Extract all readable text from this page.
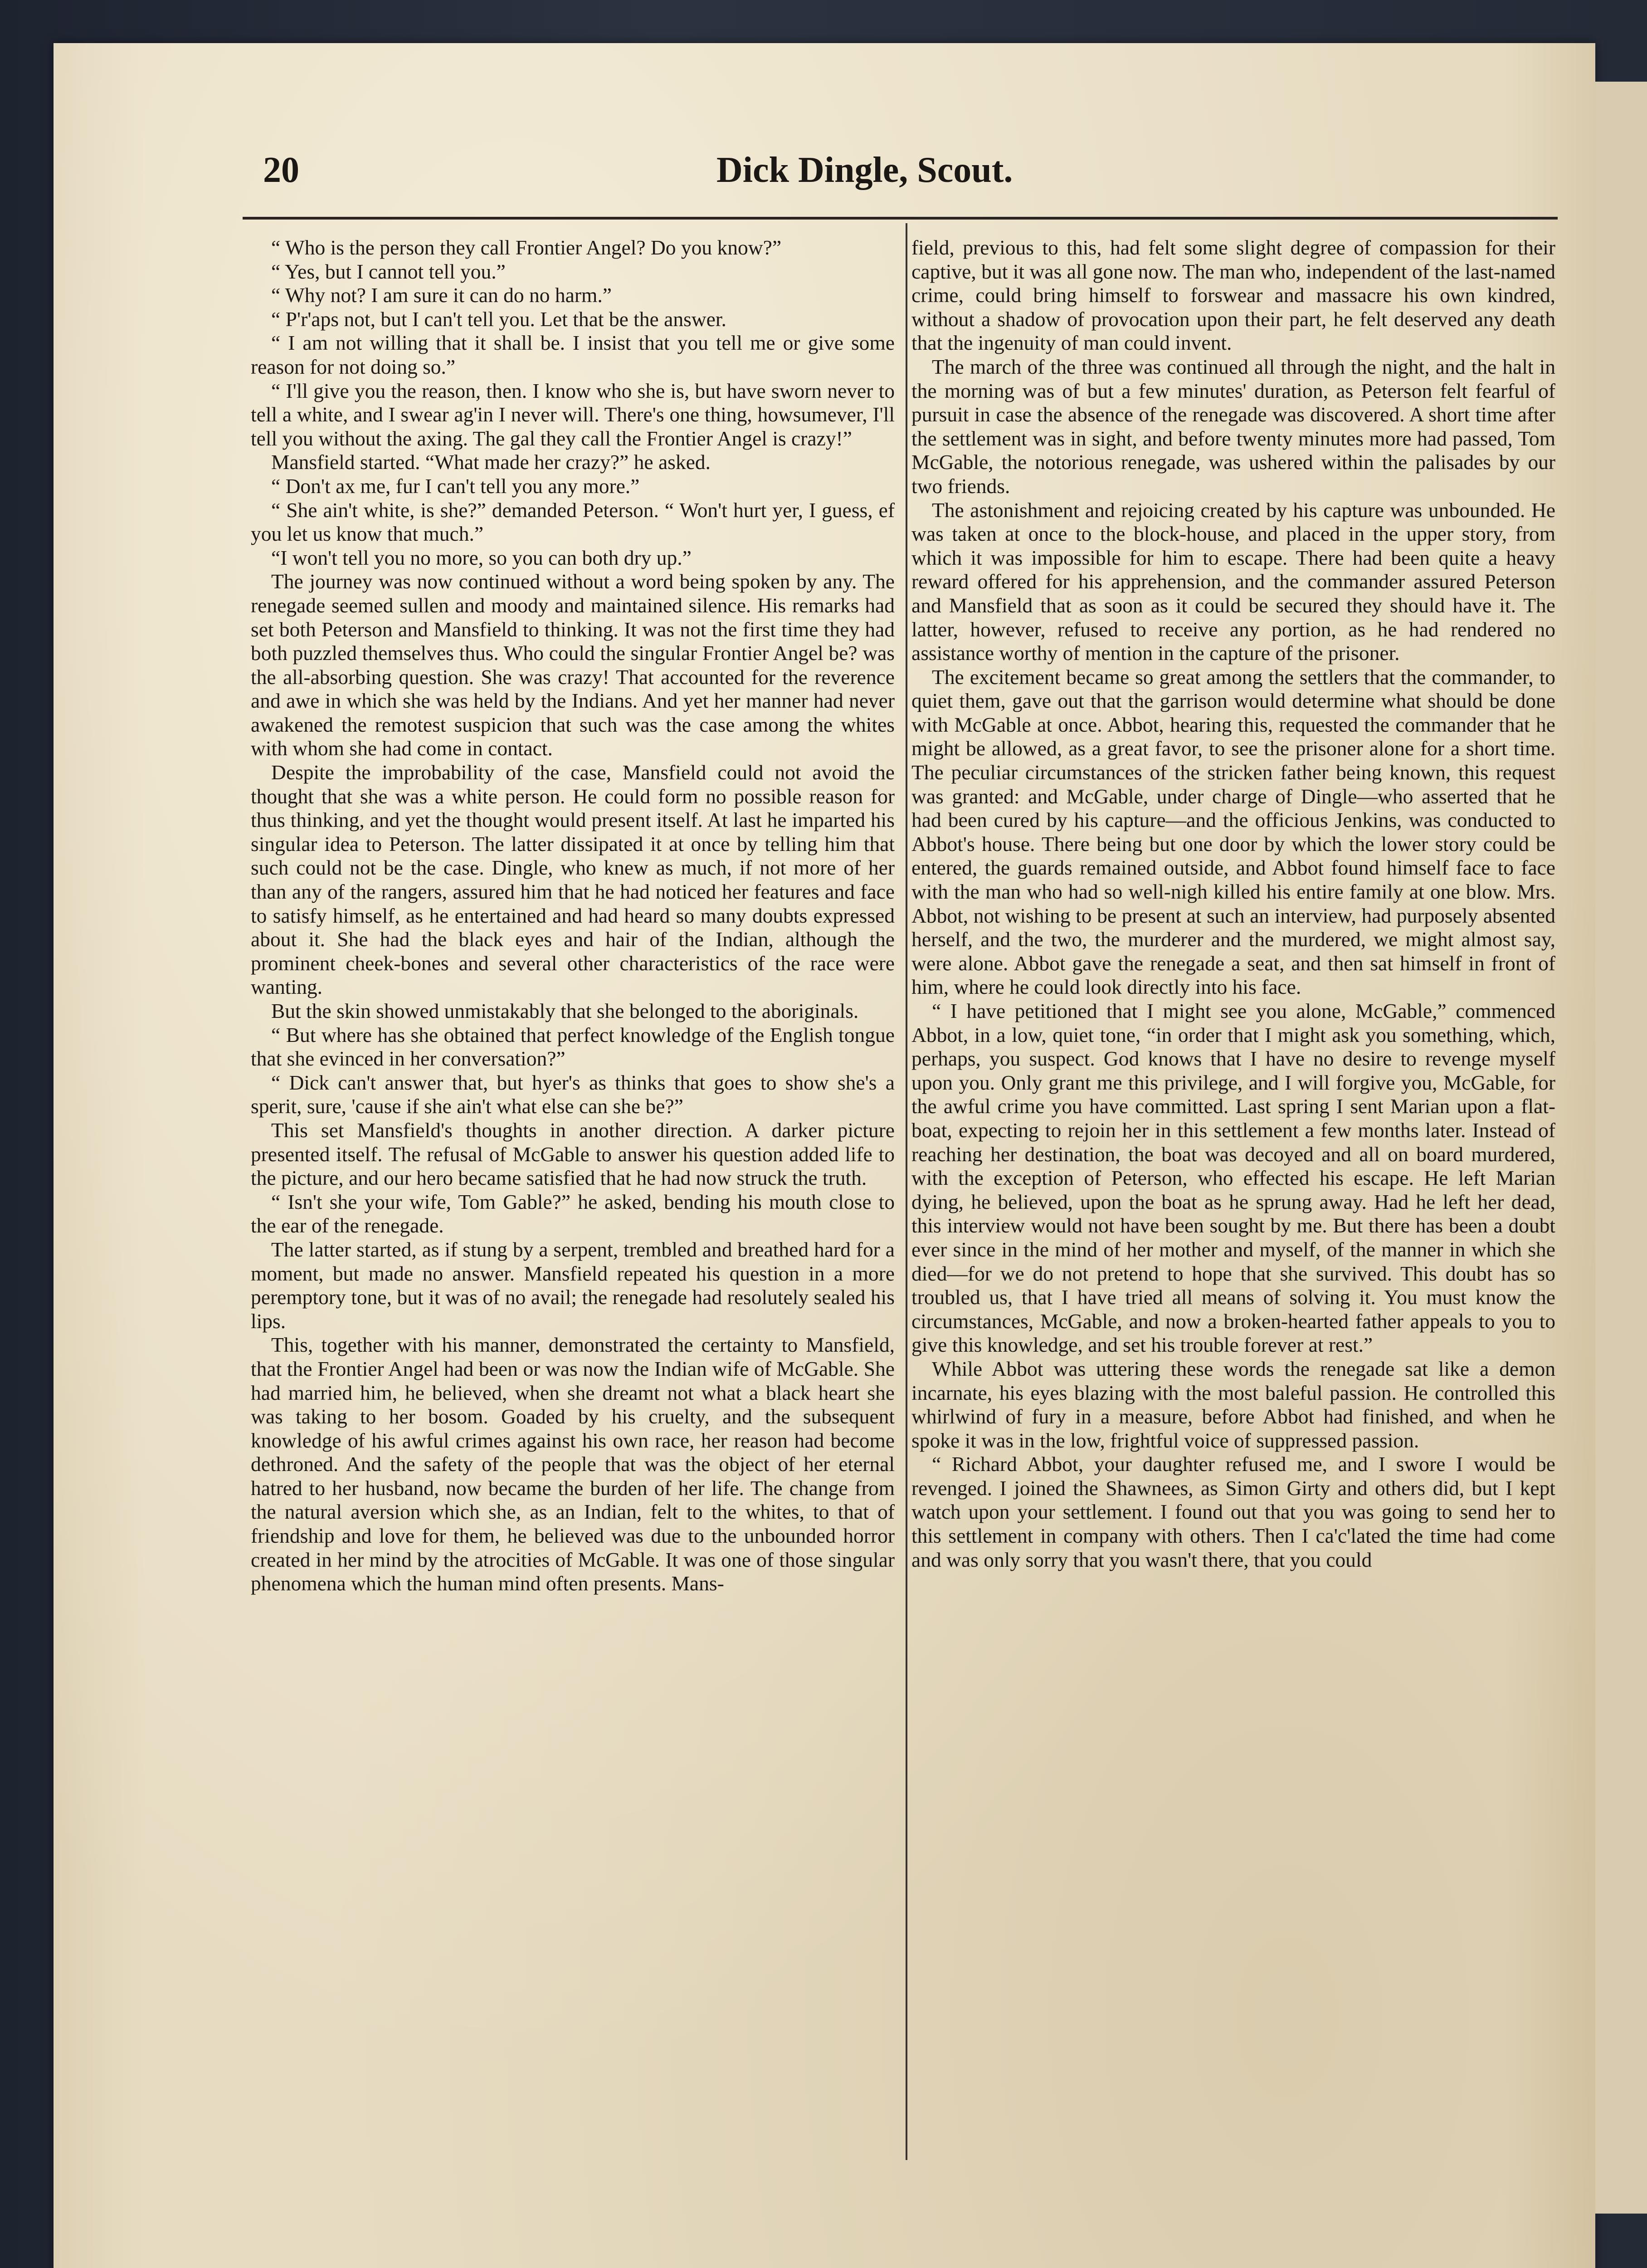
20	Dick Dingle, Scout.

“ Who is the person they call Frontier Angel? Do you know?”

“ Yes, but I cannot tell you.”

“ Why not? I am sure it can do no harm.”

“ P'r'aps not, but I can't tell you. Let that be the answer.

“ I am not willing that it shall be. I insist that you tell me or give some reason for not doing so.”

“ I'll give you the reason, then. I know who she is, but have sworn never to tell a white, and I swear ag'in I never will. There's one thing, howsumever, I'll tell you without the axing. The gal they call the Frontier Angel is crazy!”

Mansfield started. “What made her crazy?” he asked.

“ Don't ax me, fur I can't tell you any more.”

“ She ain't white, is she?” demanded Peterson. “ Won't hurt yer, I guess, ef you let us know that much.”

“I won't tell you no more, so you can both dry up.”

The journey was now continued without a word being spoken by any. The renegade seemed sullen and moody and maintained silence. His remarks had set both Peterson and Mansfield to thinking. It was not the first time they had both puzzled themselves thus. Who could the singular Frontier Angel be? was the all-absorbing question. She was crazy! That accounted for the reverence and awe in which she was held by the Indians. And yet her manner had never awakened the remotest suspicion that such was the case among the whites with whom she had come in contact.

Despite the improbability of the case, Mansfield could not avoid the thought that she was a white person. He could form no possible reason for thus thinking, and yet the thought would present itself. At last he imparted his singular idea to Peterson. The latter dissipated it at once by telling him that such could not be the case. Dingle, who knew as much, if not more of her than any of the rangers, assured him that he had noticed her features and face to satisfy himself, as he entertained and had heard so many doubts expressed about it. She had the black eyes and hair of the Indian, although the prominent cheek-bones and several other characteristics of the race were wanting.

But the skin showed unmistakably that she belonged to the aboriginals.

“ But where has she obtained that perfect knowledge of the English tongue that she evinced in her conversation?”

“ Dick can't answer that, but hyer's as thinks that goes to show she's a sperit, sure, 'cause if she ain't what else can she be?”

This set Mansfield's thoughts in another direction. A darker picture presented itself. The refusal of McGable to answer his question added life to the picture, and our hero became satisfied that he had now struck the truth.

“ Isn't she your wife, Tom Gable?” he asked, bending his mouth close to the ear of the renegade.

The latter started, as if stung by a serpent, trembled and breathed hard for a moment, but made no answer. Mansfield repeated his question in a more peremptory tone, but it was of no avail; the renegade had resolutely sealed his lips.

This, together with his manner, demonstrated the certainty to Mansfield, that the Frontier Angel had been or was now the Indian wife of McGable. She had married him, he believed, when she dreamt not what a black heart she was taking to her bosom. Goaded by his cruelty, and the subsequent knowledge of his awful crimes against his own race, her reason had become dethroned. And the safety of the people that was the object of her eternal hatred to her husband, now became the burden of her life. The change from the natural aversion which she, as an Indian, felt to the whites, to that of friendship and love for them, he believed was due to the unbounded horror created in her mind by the atrocities of McGable. It was one of those singular phenomena which the human mind often presents. Mans-

field, previous to this, had felt some slight degree of compassion for their captive, but it was all gone now. The man who, independent of the last-named crime, could bring himself to forswear and massacre his own kindred, without a shadow of provocation upon their part, he felt deserved any death that the ingenuity of man could invent.

The march of the three was continued all through the night, and the halt in the morning was of but a few minutes' duration, as Peterson felt fearful of pursuit in case the absence of the renegade was discovered. A short time after the settlement was in sight, and before twenty minutes more had passed, Tom McGable, the notorious renegade, was ushered within the palisades by our two friends.

The astonishment and rejoicing created by his capture was unbounded. He was taken at once to the block-house, and placed in the upper story, from which it was impossible for him to escape. There had been quite a heavy reward offered for his apprehension, and the commander assured Peterson and Mansfield that as soon as it could be secured they should have it. The latter, however, refused to receive any portion, as he had rendered no assistance worthy of mention in the capture of the prisoner.

The excitement became so great among the settlers that the commander, to quiet them, gave out that the garrison would determine what should be done with McGable at once. Abbot, hearing this, requested the commander that he might be allowed, as a great favor, to see the prisoner alone for a short time. The peculiar circumstances of the stricken father being known, this request was granted: and McGable, under charge of Dingle—who asserted that he had been cured by his capture—and the officious Jenkins, was conducted to Abbot's house. There being but one door by which the lower story could be entered, the guards remained outside, and Abbot found himself face to face with the man who had so well-nigh killed his entire family at one blow. Mrs. Abbot, not wishing to be present at such an interview, had purposely absented herself, and the two, the murderer and the murdered, we might almost say, were alone. Abbot gave the renegade a seat, and then sat himself in front of him, where he could look directly into his face.

“ I have petitioned that I might see you alone, McGable,” commenced Abbot, in a low, quiet tone, “in order that I might ask you something, which, perhaps, you suspect. God knows that I have no desire to revenge myself upon you. Only grant me this privilege, and I will forgive you, McGable, for the awful crime you have committed. Last spring I sent Marian upon a flat-boat, expecting to rejoin her in this settlement a few months later. Instead of reaching her destination, the boat was decoyed and all on board murdered, with the exception of Peterson, who effected his escape. He left Marian dying, he believed, upon the boat as he sprung away. Had he left her dead, this interview would not have been sought by me. But there has been a doubt ever since in the mind of her mother and myself, of the manner in which she died—for we do not pretend to hope that she survived. This doubt has so troubled us, that I have tried all means of solving it. You must know the circumstances, McGable, and now a broken-hearted father appeals to you to give this knowledge, and set his trouble forever at rest.”

While Abbot was uttering these words the renegade sat like a demon incarnate, his eyes blazing with the most baleful passion. He controlled this whirlwind of fury in a measure, before Abbot had finished, and when he spoke it was in the low, frightful voice of suppressed passion.

“ Richard Abbot, your daughter refused me, and I swore I would be revenged. I joined the Shawnees, as Simon Girty and others did, but I kept watch upon your settlement. I found out that you was going to send her to this settlement in company with others. Then I ca'c'lated the time had come and was only sorry that you wasn't there, that you could
